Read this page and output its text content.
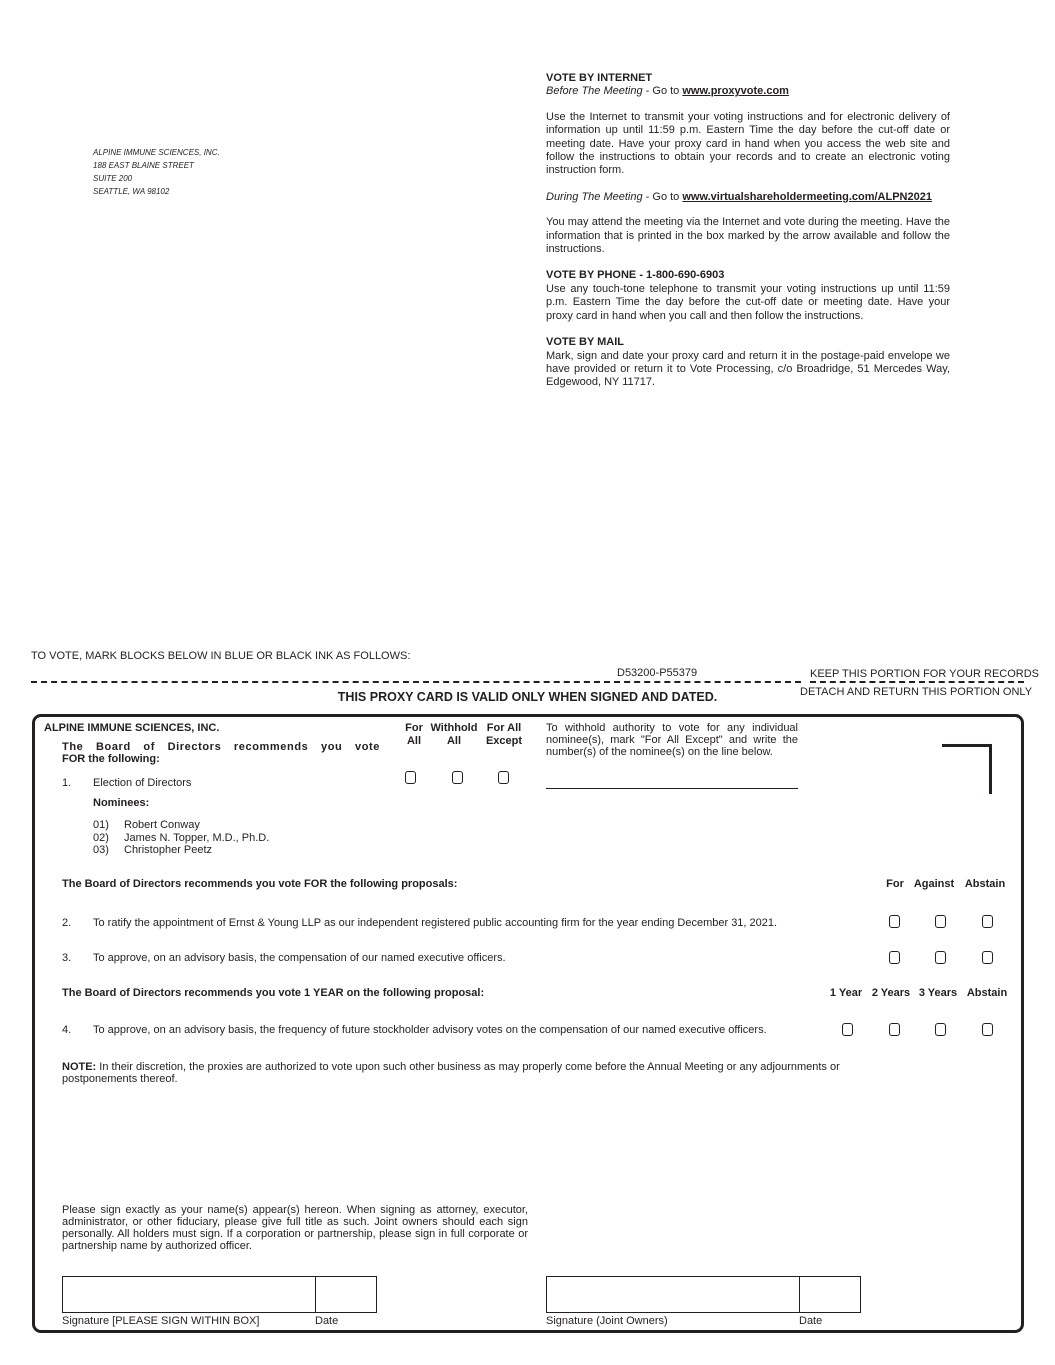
ALPINE IMMUNE SCIENCES, INC.
188 EAST BLAINE STREET
SUITE 200
SEATTLE, WA 98102
VOTE BY INTERNET
Before The Meeting - Go to www.proxyvote.com

Use the Internet to transmit your voting instructions and for electronic delivery of information up until 11:59 p.m. Eastern Time the day before the cut-off date or meeting date. Have your proxy card in hand when you access the web site and follow the instructions to obtain your records and to create an electronic voting instruction form.

During The Meeting - Go to www.virtualshareholdermeeting.com/ALPN2021

You may attend the meeting via the Internet and vote during the meeting. Have the information that is printed in the box marked by the arrow available and follow the instructions.

VOTE BY PHONE - 1-800-690-6903

Use any touch-tone telephone to transmit your voting instructions up until 11:59 p.m. Eastern Time the day before the cut-off date or meeting date. Have your proxy card in hand when you call and then follow the instructions.

VOTE BY MAIL

Mark, sign and date your proxy card and return it in the postage-paid envelope we have provided or return it to Vote Processing, c/o Broadridge, 51 Mercedes Way, Edgewood, NY 11717.

TO VOTE, MARK BLOCKS BELOW IN BLUE OR BLACK INK AS FOLLOWS:
D53200-P55379	KEEP THIS PORTION FOR YOUR RECORDS
DETACH AND RETURN THIS PORTION ONLY
THIS PROXY CARD IS VALID ONLY WHEN SIGNED AND DATED.
ALPINE IMMUNE SCIENCES, INC.
The Board of Directors recommends you vote
FOR the following:
For
All
Withhold
All
For All
Except
To withhold authority to vote for any individual nominee(s), mark "For All Except" and write the number(s) of the nominee(s) on the line below.
1. Election of Directors
Nominees:
01) Robert Conway
02) James N. Topper, M.D., Ph.D.
03) Christopher Peetz
The Board of Directors recommends you vote FOR the following proposals:	For Against Abstain
2. To ratify the appointment of Ernst & Young LLP as our independent registered public accounting firm for the year ending December 31, 2021.
3. To approve, on an advisory basis, the compensation of our named executive officers.
The Board of Directors recommends you vote 1 YEAR on the following proposal:	1 Year 2 Years 3 Years Abstain
4. To approve, on an advisory basis, the frequency of future stockholder advisory votes on the compensation of our named executive officers.
NOTE: In their discretion, the proxies are authorized to vote upon such other business as may properly come before the Annual Meeting or any adjournments or postponements thereof.
Please sign exactly as your name(s) appear(s) hereon. When signing as attorney, executor, administrator, or other fiduciary, please give full title as such. Joint owners should each sign personally. All holders must sign. If a corporation or partnership, please sign in full corporate or partnership name by authorized officer.
Signature [PLEASE SIGN WITHIN BOX]	Date	Signature (Joint Owners)	Date
